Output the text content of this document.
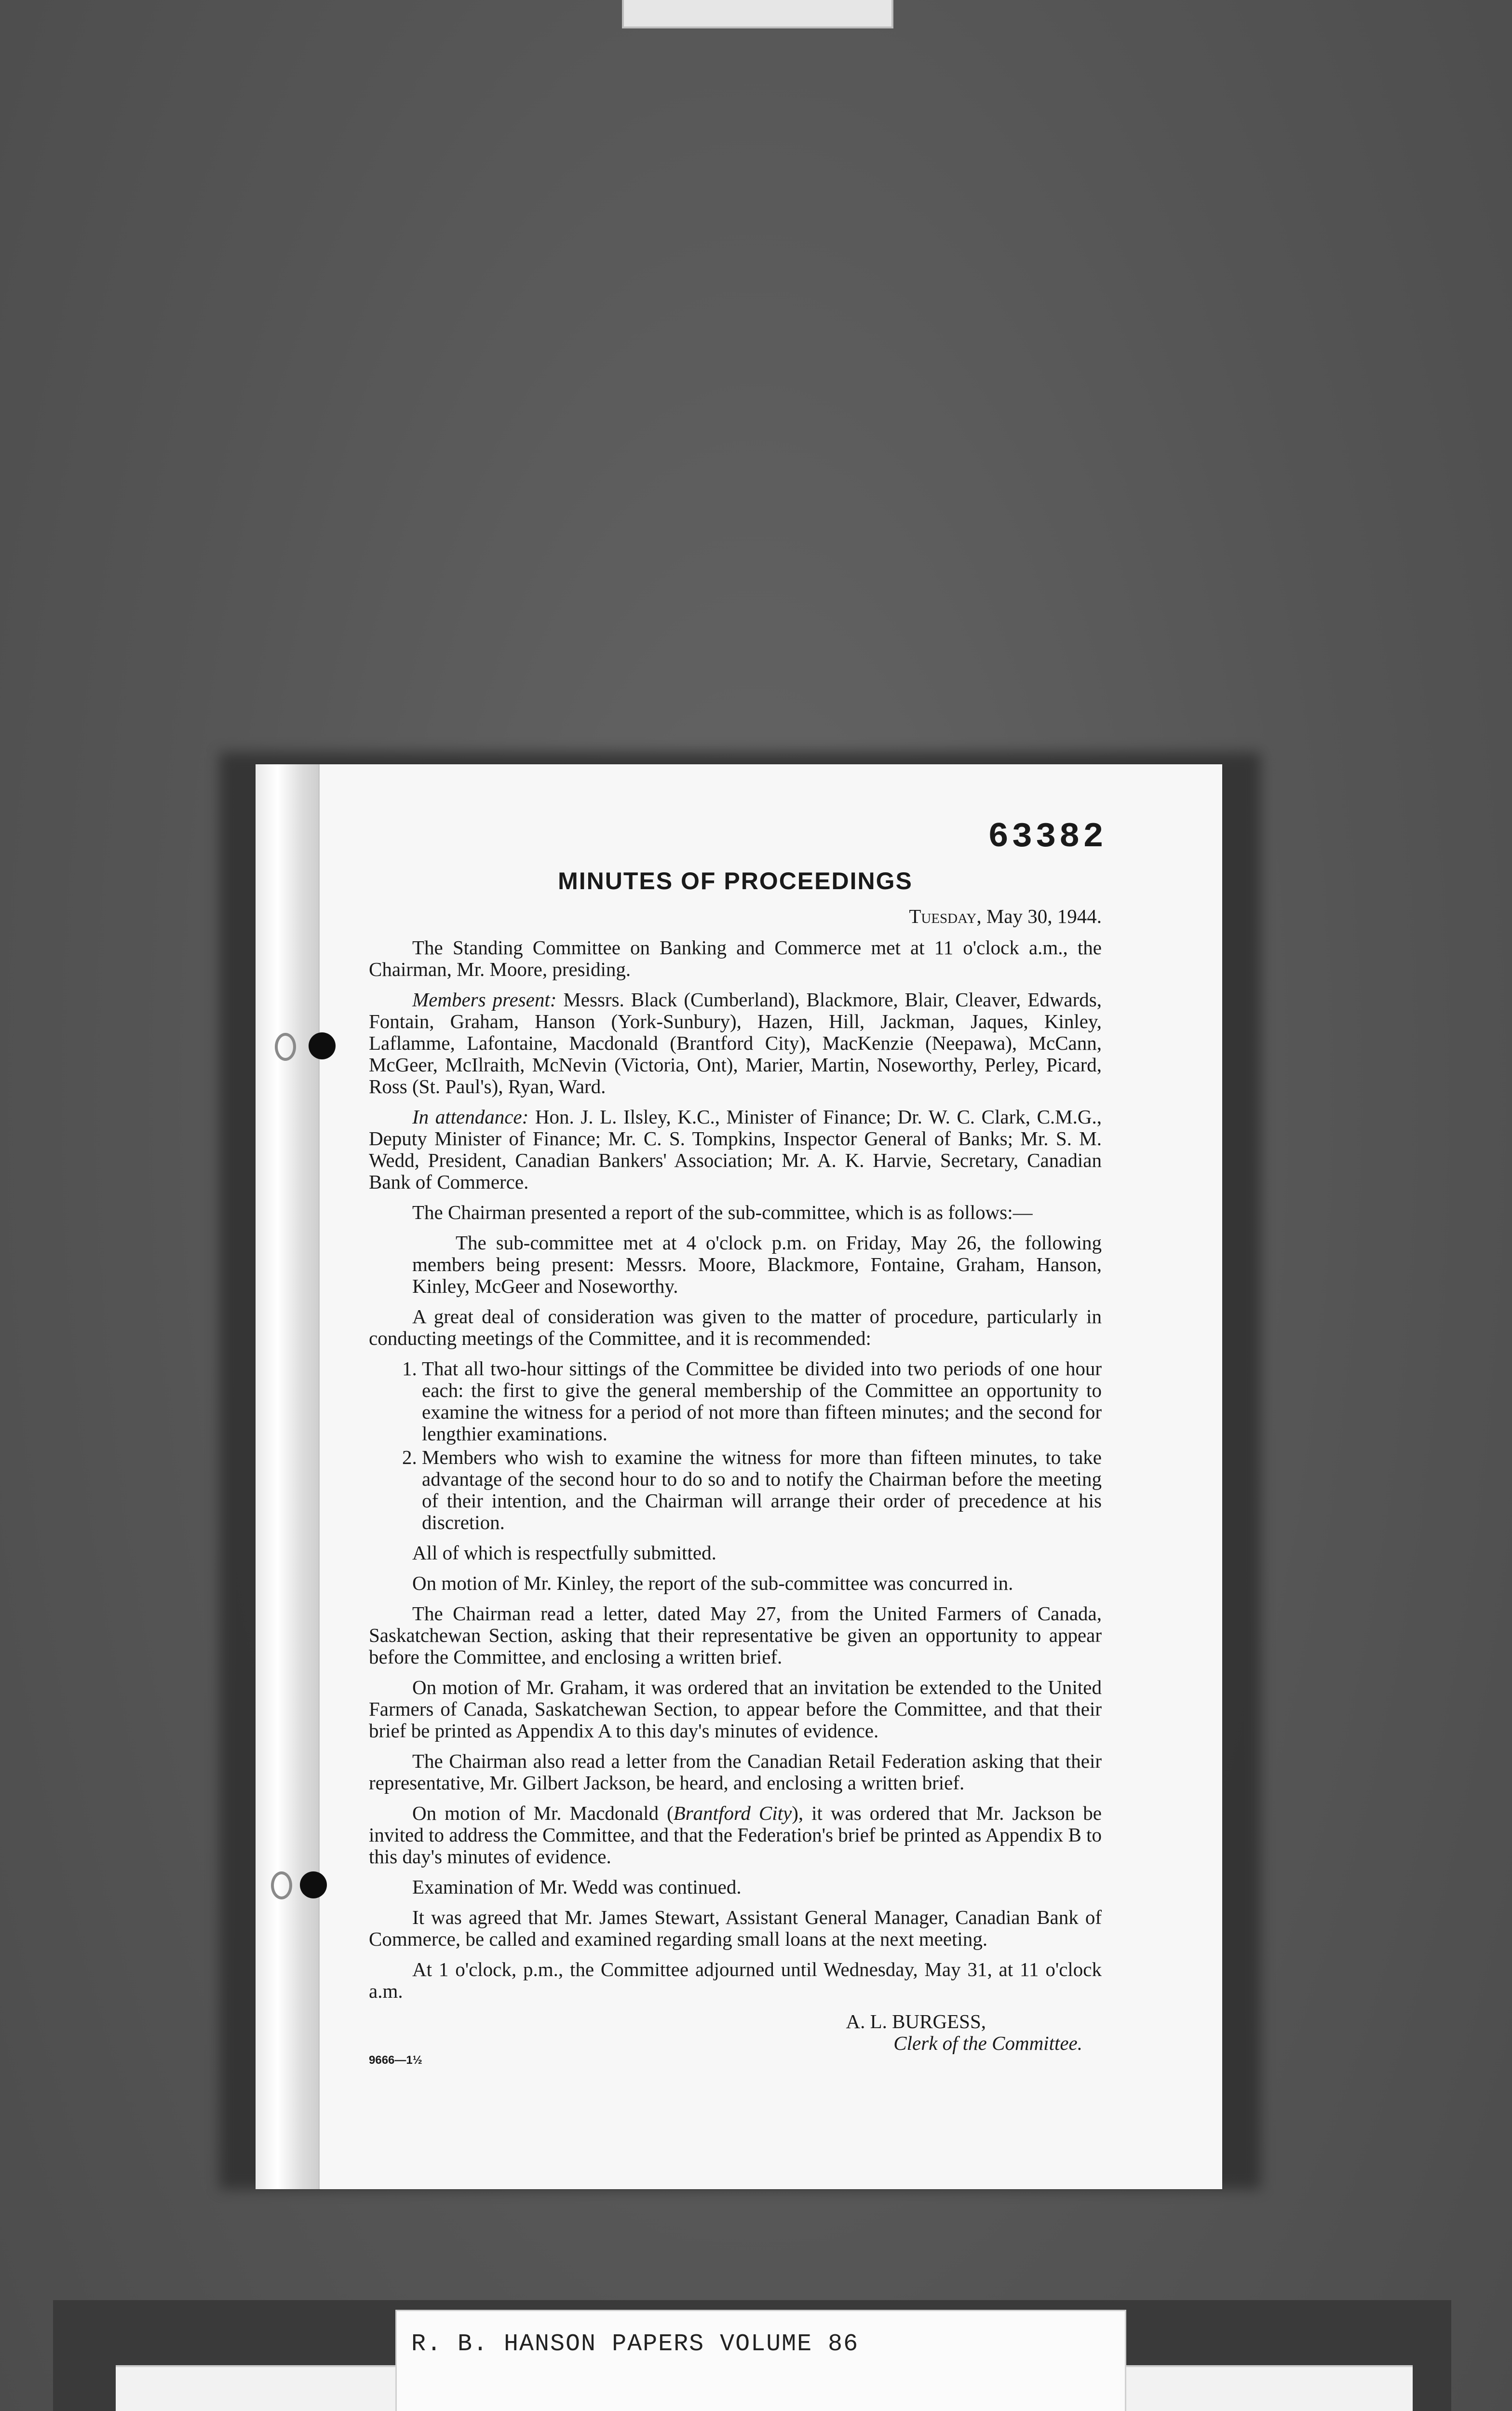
63382
MINUTES OF PROCEEDINGS
Tuesday, May 30, 1944.

The Standing Committee on Banking and Commerce met at 11 o'clock a.m., the Chairman, Mr. Moore, presiding.

Members present: Messrs. Black (Cumberland), Blackmore, Blair, Cleaver, Edwards, Fontain, Graham, Hanson (York-Sunbury), Hazen, Hill, Jackman, Jaques, Kinley, Laflamme, Lafontaine, Macdonald (Brantford City), MacKenzie (Neepawa), McCann, McGeer, McIlraith, McNevin (Victoria, Ont), Marier, Martin, Noseworthy, Perley, Picard, Ross (St. Paul's), Ryan, Ward.

In attendance: Hon. J. L. Ilsley, K.C., Minister of Finance; Dr. W. C. Clark, C.M.G., Deputy Minister of Finance; Mr. C. S. Tompkins, Inspector General of Banks; Mr. S. M. Wedd, President, Canadian Bankers' Association; Mr. A. K. Harvie, Secretary, Canadian Bank of Commerce.

The Chairman presented a report of the sub-committee, which is as follows:—

The sub-committee met at 4 o'clock p.m. on Friday, May 26, the following members being present: Messrs. Moore, Blackmore, Fontaine, Graham, Hanson, Kinley, McGeer and Noseworthy.

A great deal of consideration was given to the matter of procedure, particularly in conducting meetings of the Committee, and it is recommended:

1. That all two-hour sittings of the Committee be divided into two periods of one hour each: the first to give the general membership of the Committee an opportunity to examine the witness for a period of not more than fifteen minutes; and the second for lengthier examinations.
2. Members who wish to examine the witness for more than fifteen minutes, to take advantage of the second hour to do so and to notify the Chairman before the meeting of their intention, and the Chairman will arrange their order of precedence at his discretion.

All of which is respectfully submitted.

On motion of Mr. Kinley, the report of the sub-committee was concurred in.

The Chairman read a letter, dated May 27, from the United Farmers of Canada, Saskatchewan Section, asking that their representative be given an opportunity to appear before the Committee, and enclosing a written brief.

On motion of Mr. Graham, it was ordered that an invitation be extended to the United Farmers of Canada, Saskatchewan Section, to appear before the Committee, and that their brief be printed as Appendix A to this day's minutes of evidence.

The Chairman also read a letter from the Canadian Retail Federation asking that their representative, Mr. Gilbert Jackson, be heard, and enclosing a written brief.

On motion of Mr. Macdonald (Brantford City), it was ordered that Mr. Jackson be invited to address the Committee, and that the Federation's brief be printed as Appendix B to this day's minutes of evidence.

Examination of Mr. Wedd was continued.

It was agreed that Mr. James Stewart, Assistant General Manager, Canadian Bank of Commerce, be called and examined regarding small loans at the next meeting.

At 1 o'clock, p.m., the Committee adjourned until Wednesday, May 31, at 11 o'clock a.m.

A. L. BURGESS,
Clerk of the Committee.
9666—1½
R. B. HANSON PAPERS VOLUME 86
